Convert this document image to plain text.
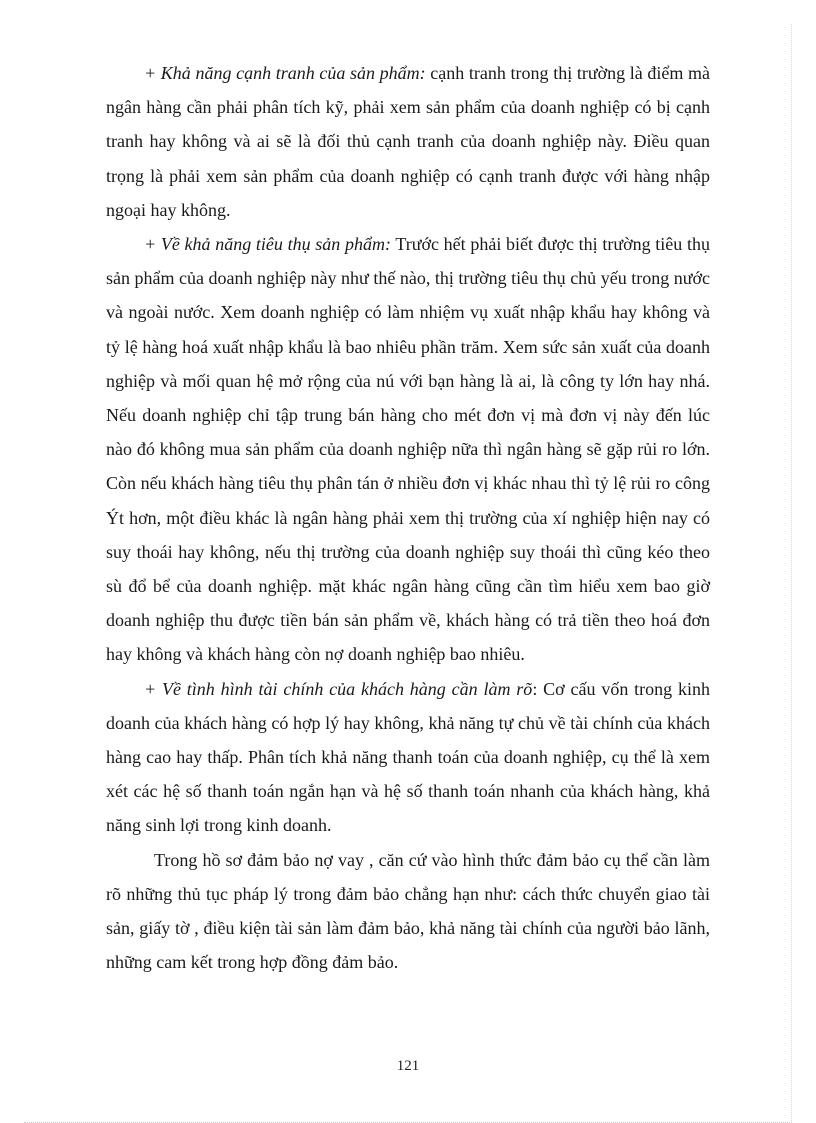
+ Khả năng cạnh tranh của sản phẩm: cạnh tranh trong thị trường là điểm mà ngân hàng cần phải phân tích kỹ, phải xem sản phẩm của doanh nghiệp có bị cạnh tranh hay không và ai sẽ là đối thủ cạnh tranh của doanh nghiệp này. Điều quan trọng là phải xem sản phẩm của doanh nghiệp có cạnh tranh được với hàng nhập ngoại hay không.

+ Về khả năng tiêu thụ sản phẩm: Trước hết phải biết được thị trường tiêu thụ sản phẩm của doanh nghiệp này như thế nào, thị trường tiêu thụ chủ yếu trong nước và ngoài nước. Xem doanh nghiệp có làm nhiệm vụ xuất nhập khẩu hay không và tỷ lệ hàng hoá xuất nhập khẩu là bao nhiêu phần trăm. Xem sức sản xuất của doanh nghiệp và mối quan hệ mở rộng của nú với bạn hàng là ai, là công ty lớn hay nhá. Nếu doanh nghiệp chỉ tập trung bán hàng cho mét đơn vị mà đơn vị này đến lúc nào đó không mua sản phẩm của doanh nghiệp nữa thì ngân hàng sẽ gặp rủi ro lớn. Còn nếu khách hàng tiêu thụ phân tán ở nhiều đơn vị khác nhau thì tỷ lệ rủi ro công Ýt hơn, một điều khác là ngân hàng phải xem thị trường của xí nghiệp hiện nay có suy thoái hay không, nếu thị trường của doanh nghiệp suy thoái thì cũng kéo theo sù đổ bể của doanh nghiệp. mặt khác ngân hàng cũng cần tìm hiểu xem bao giờ doanh nghiệp thu được tiền bán sản phẩm về, khách hàng có trả tiền theo hoá đơn hay không và khách hàng còn nợ doanh nghiệp bao nhiêu.

+ Về tình hình tài chính của khách hàng cần làm rõ: Cơ cấu vốn trong kinh doanh của khách hàng có hợp lý hay không, khả năng tự chủ về tài chính của khách hàng cao hay thấp. Phân tích khả năng thanh toán của doanh nghiệp, cụ thể là xem xét các hệ số thanh toán ngắn hạn và hệ số thanh toán nhanh của khách hàng, khả năng sinh lợi trong kinh doanh.

Trong hồ sơ đảm bảo nợ vay , căn cứ vào hình thức đảm bảo cụ thể cần làm rõ những thủ tục pháp lý trong đảm bảo chẳng hạn như: cách thức chuyển giao tài sản, giấy tờ , điều kiện tài sản làm đảm bảo, khả năng tài chính của người bảo lãnh, những cam kết trong hợp đồng đảm bảo.

121
